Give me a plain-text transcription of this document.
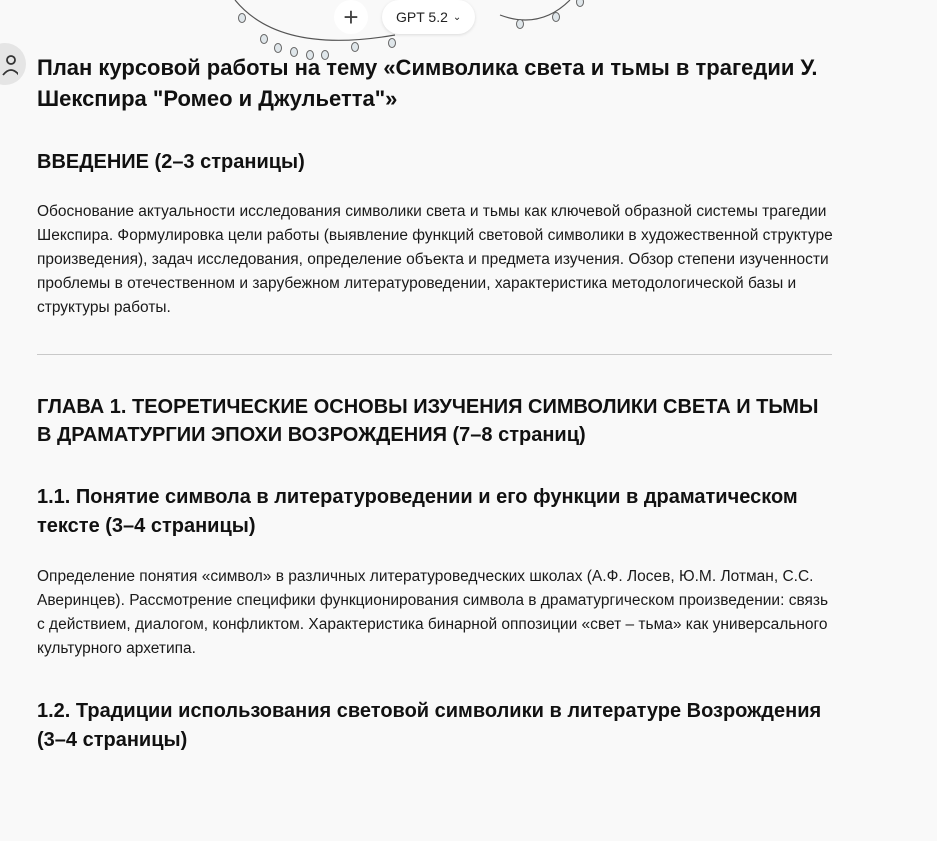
+	GPT 5.2 ⌄
План курсовой работы на тему «Символика света и тьмы в трагедии У. Шекспира "Ромео и Джульетта"»
ВВЕДЕНИЕ (2–3 страницы)

Обоснование актуальности исследования символики света и тьмы как ключевой образной системы трагедии Шекспира. Формулировка цели работы (выявление функций световой символики в художественной структуре произведения), задач исследования, определение объекта и предмета изучения. Обзор степени изученности проблемы в отечественном и зарубежном литературоведении, характеристика методологической базы и структуры работы.

ГЛАВА 1. ТЕОРЕТИЧЕСКИЕ ОСНОВЫ ИЗУЧЕНИЯ СИМВОЛИКИ СВЕТА И ТЬМЫ В ДРАМАТУРГИИ ЭПОХИ ВОЗРОЖДЕНИЯ (7–8 страниц)
1.1. Понятие символа в литературоведении и его функции в драматическом тексте (3–4 страницы)

Определение понятия «символ» в различных литературоведческих школах (А.Ф. Лосев, Ю.М. Лотман, С.С. Аверинцев). Рассмотрение специфики функционирования символа в драматургическом произведении: связь с действием, диалогом, конфликтом. Характеристика бинарной оппозиции «свет – тьма» как универсального культурного архетипа.

1.2. Традиции использования световой символики в литературе Возрождения (3–4 страницы)
